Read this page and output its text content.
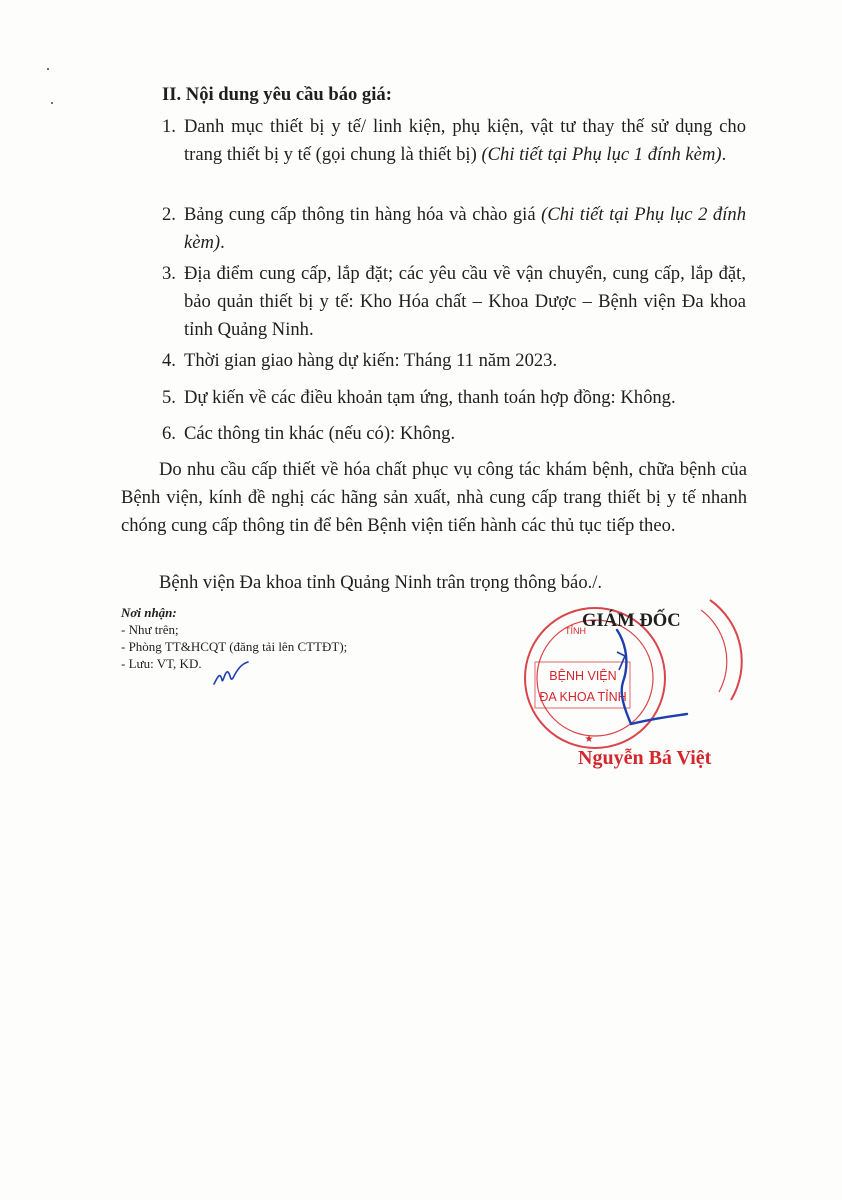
II. Nội dung yêu cầu báo giá:
1. Danh mục thiết bị y tế/ linh kiện, phụ kiện, vật tư thay thế sử dụng cho trang thiết bị y tế (gọi chung là thiết bị) (Chi tiết tại Phụ lục 1 đính kèm).
2. Bảng cung cấp thông tin hàng hóa và chào giá (Chi tiết tại Phụ lục 2 đính kèm).
3. Địa điểm cung cấp, lắp đặt; các yêu cầu về vận chuyển, cung cấp, lắp đặt, bảo quản thiết bị y tế: Kho Hóa chất – Khoa Dược – Bệnh viện Đa khoa tỉnh Quảng Ninh.
4. Thời gian giao hàng dự kiến: Tháng 11 năm 2023.
5. Dự kiến về các điều khoản tạm ứng, thanh toán hợp đồng: Không.
6. Các thông tin khác (nếu có): Không.

Do nhu cầu cấp thiết về hóa chất phục vụ công tác khám bệnh, chữa bệnh của Bệnh viện, kính đề nghị các hãng sản xuất, nhà cung cấp trang thiết bị y tế nhanh chóng cung cấp thông tin để bên Bệnh viện tiến hành các thủ tục tiếp theo.

Bệnh viện Đa khoa tỉnh Quảng Ninh trân trọng thông báo./.

Nơi nhận:
- Như trên;
- Phòng TT&HCQT (đăng tải lên CTTĐT);
- Lưu: VT, KD.
BỆNH VIỆN
ĐA KHOA TỈNH
TỈNH
★
GIÁM ĐỐC
Nguyễn Bá Việt
